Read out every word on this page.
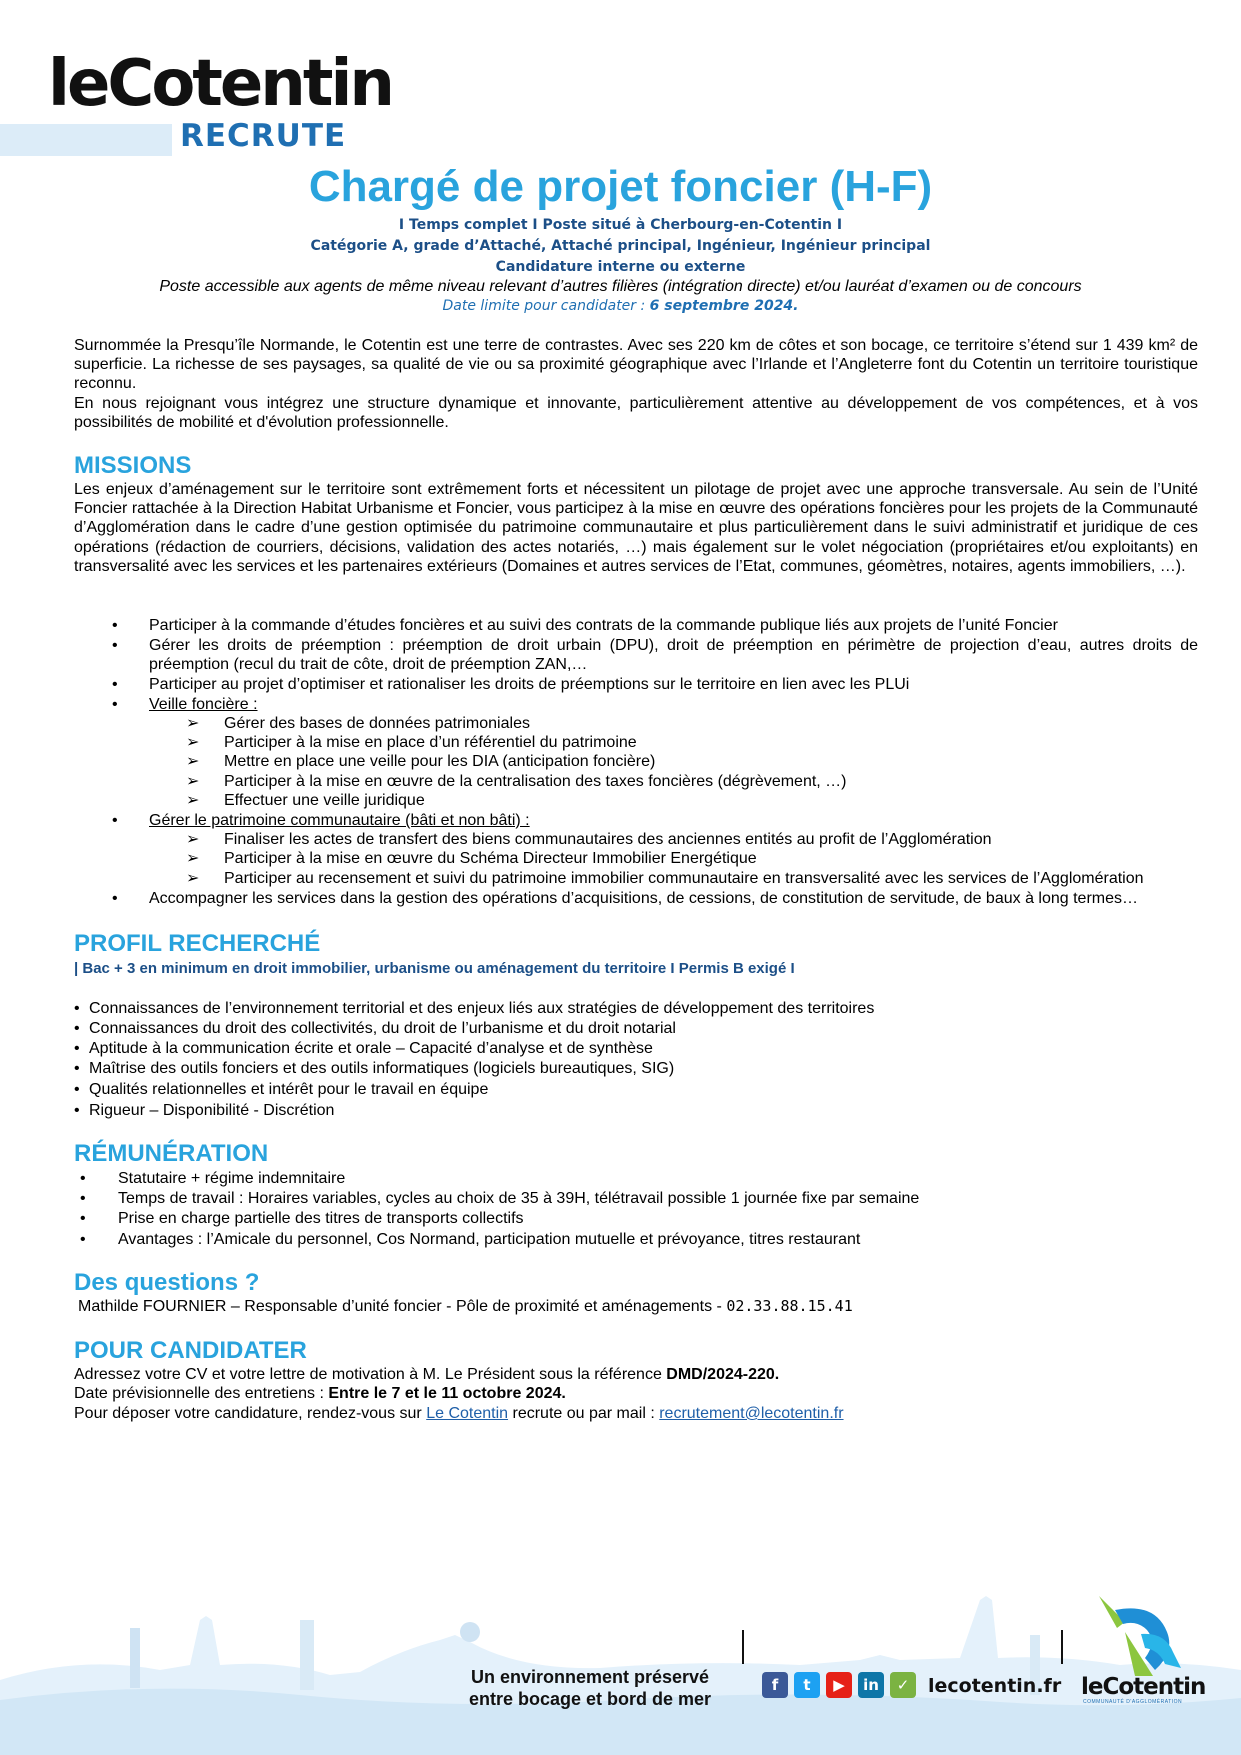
leCotentin
RECRUTE
Chargé de projet foncier (H-F)
I Temps complet I Poste situé à Cherbourg-en-Cotentin I
Catégorie A, grade d’Attaché, Attaché principal, Ingénieur, Ingénieur principal
Candidature interne ou externe
Poste accessible aux agents de même niveau relevant d’autres filières (intégration directe) et/ou lauréat d’examen ou de concours
Date limite pour candidater : 6 septembre 2024.
Surnommée la Presqu’île Normande, le Cotentin est une terre de contrastes. Avec ses 220 km de côtes et son bocage, ce territoire s’étend sur 1 439 km² de superficie. La richesse de ses paysages, sa qualité de vie ou sa proximité géographique avec l’Irlande et l’Angleterre font du Cotentin un territoire touristique reconnu.
En nous rejoignant vous intégrez une structure dynamique et innovante, particulièrement attentive au développement de vos compétences, et à vos possibilités de mobilité et d'évolution professionnelle.
MISSIONS
Les enjeux d’aménagement sur le territoire sont extrêmement forts et nécessitent un pilotage de projet avec une approche transversale. Au sein de l’Unité Foncier rattachée à la Direction Habitat Urbanisme et Foncier, vous participez à la mise en œuvre des opérations foncières pour les projets de la Communauté d’Agglomération dans le cadre d’une gestion optimisée du patrimoine communautaire et plus particulièrement dans le suivi administratif et juridique de ces opérations (rédaction de courriers, décisions, validation des actes notariés, …) mais également sur le volet négociation (propriétaires et/ou exploitants) en transversalité avec les services et les partenaires extérieurs (Domaines et autres services de l’Etat, communes, géomètres, notaires, agents immobiliers, …).
• Participer à la commande d’études foncières et au suivi des contrats de la commande publique liés aux projets de l’unité Foncier
• Gérer les droits de préemption : préemption de droit urbain (DPU), droit de préemption en périmètre de projection d’eau, autres droits de préemption (recul du trait de côte, droit de préemption ZAN,…
• Participer au projet d’optimiser et rationaliser les droits de préemptions sur le territoire en lien avec les PLUi
• Veille foncière :
➢ Gérer des bases de données patrimoniales
➢ Participer à la mise en place d’un référentiel du patrimoine
➢ Mettre en place une veille pour les DIA (anticipation foncière)
➢ Participer à la mise en œuvre de la centralisation des taxes foncières (dégrèvement, …)
➢ Effectuer une veille juridique
• Gérer le patrimoine communautaire (bâti et non bâti) :
➢ Finaliser les actes de transfert des biens communautaires des anciennes entités au profit de l’Agglomération
➢ Participer à la mise en œuvre du Schéma Directeur Immobilier Energétique
➢ Participer au recensement et suivi du patrimoine immobilier communautaire en transversalité avec les services de l’Agglomération
• Accompagner les services dans la gestion des opérations d’acquisitions, de cessions, de constitution de servitude, de baux à long termes…
PROFIL RECHERCHÉ
| Bac + 3 en minimum en droit immobilier, urbanisme ou aménagement du territoire I Permis B exigé I
• Connaissances de l’environnement territorial et des enjeux liés aux stratégies de développement des territoires
• Connaissances du droit des collectivités, du droit de l’urbanisme et du droit notarial
• Aptitude à la communication écrite et orale – Capacité d’analyse et de synthèse
• Maîtrise des outils fonciers et des outils informatiques (logiciels bureautiques, SIG)
• Qualités relationnelles et intérêt pour le travail en équipe
• Rigueur – Disponibilité - Discrétion
RÉMUNÉRATION
• Statutaire + régime indemnitaire
• Temps de travail : Horaires variables, cycles au choix de 35 à 39H, télétravail possible 1 journée fixe par semaine
• Prise en charge partielle des titres de transports collectifs
• Avantages : l’Amicale du personnel, Cos Normand, participation mutuelle et prévoyance, titres restaurant
Des questions ?
Mathilde FOURNIER – Responsable d’unité foncier - Pôle de proximité et aménagements - 02.33.88.15.41
POUR CANDIDATER
Adressez votre CV et votre lettre de motivation à M. Le Président sous la référence DMD/2024-220.
Date prévisionnelle des entretiens : Entre le 7 et le 11 octobre 2024.
Pour déposer votre candidature, rendez-vous sur Le Cotentin recrute ou par mail : recrutement@lecotentin.fr
Un environnement préservé
entre bocage et bord de mer
f	t	▶	in	✓ lecotentin.fr leCotentin
COMMUNAUTÉ D'AGGLOMÉRATION
